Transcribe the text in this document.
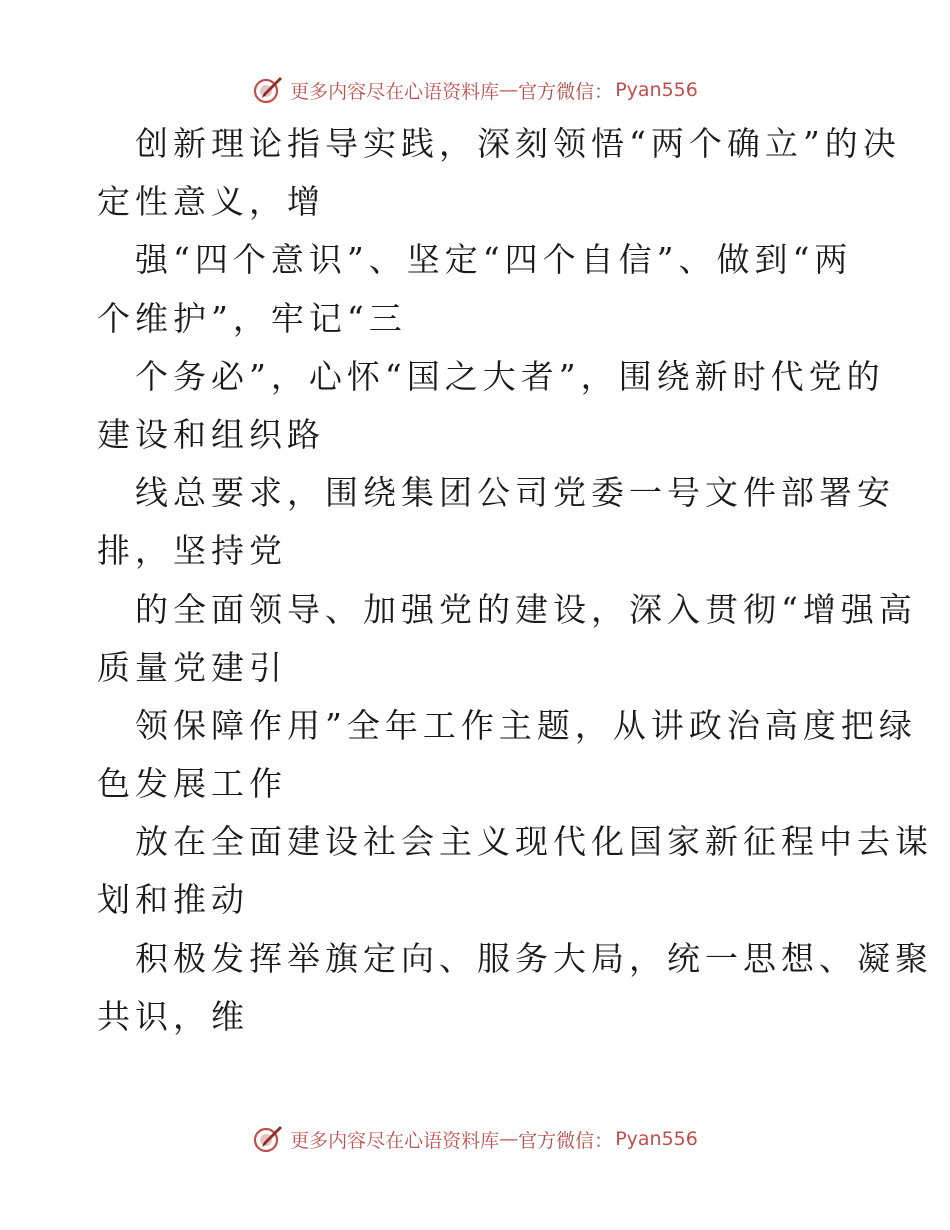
更多内容尽在心语资料库 — 官方微信： Pyan556
创新理论指导实践，深刻领悟“两个确立”的决
定性意义，增
强“四个意识”、坚定“四个自信”、做到“两
个维护”，牢记“三
个务必”，心怀“国之大者”，围绕新时代党的
建设和组织路
线总要求，围绕集团公司党委一号文件部署安
排，坚持党
的全面领导、加强党的建设，深入贯彻“增强高
质量党建引
领保障作用”全年工作主题，从讲政治高度把绿
色发展工作
放在全面建设社会主义现代化国家新征程中去谋
划和推动
积极发挥举旗定向、服务大局，统一思想、凝聚
共识，维
更多内容尽在心语资料库 — 官方微信： Pyan556
